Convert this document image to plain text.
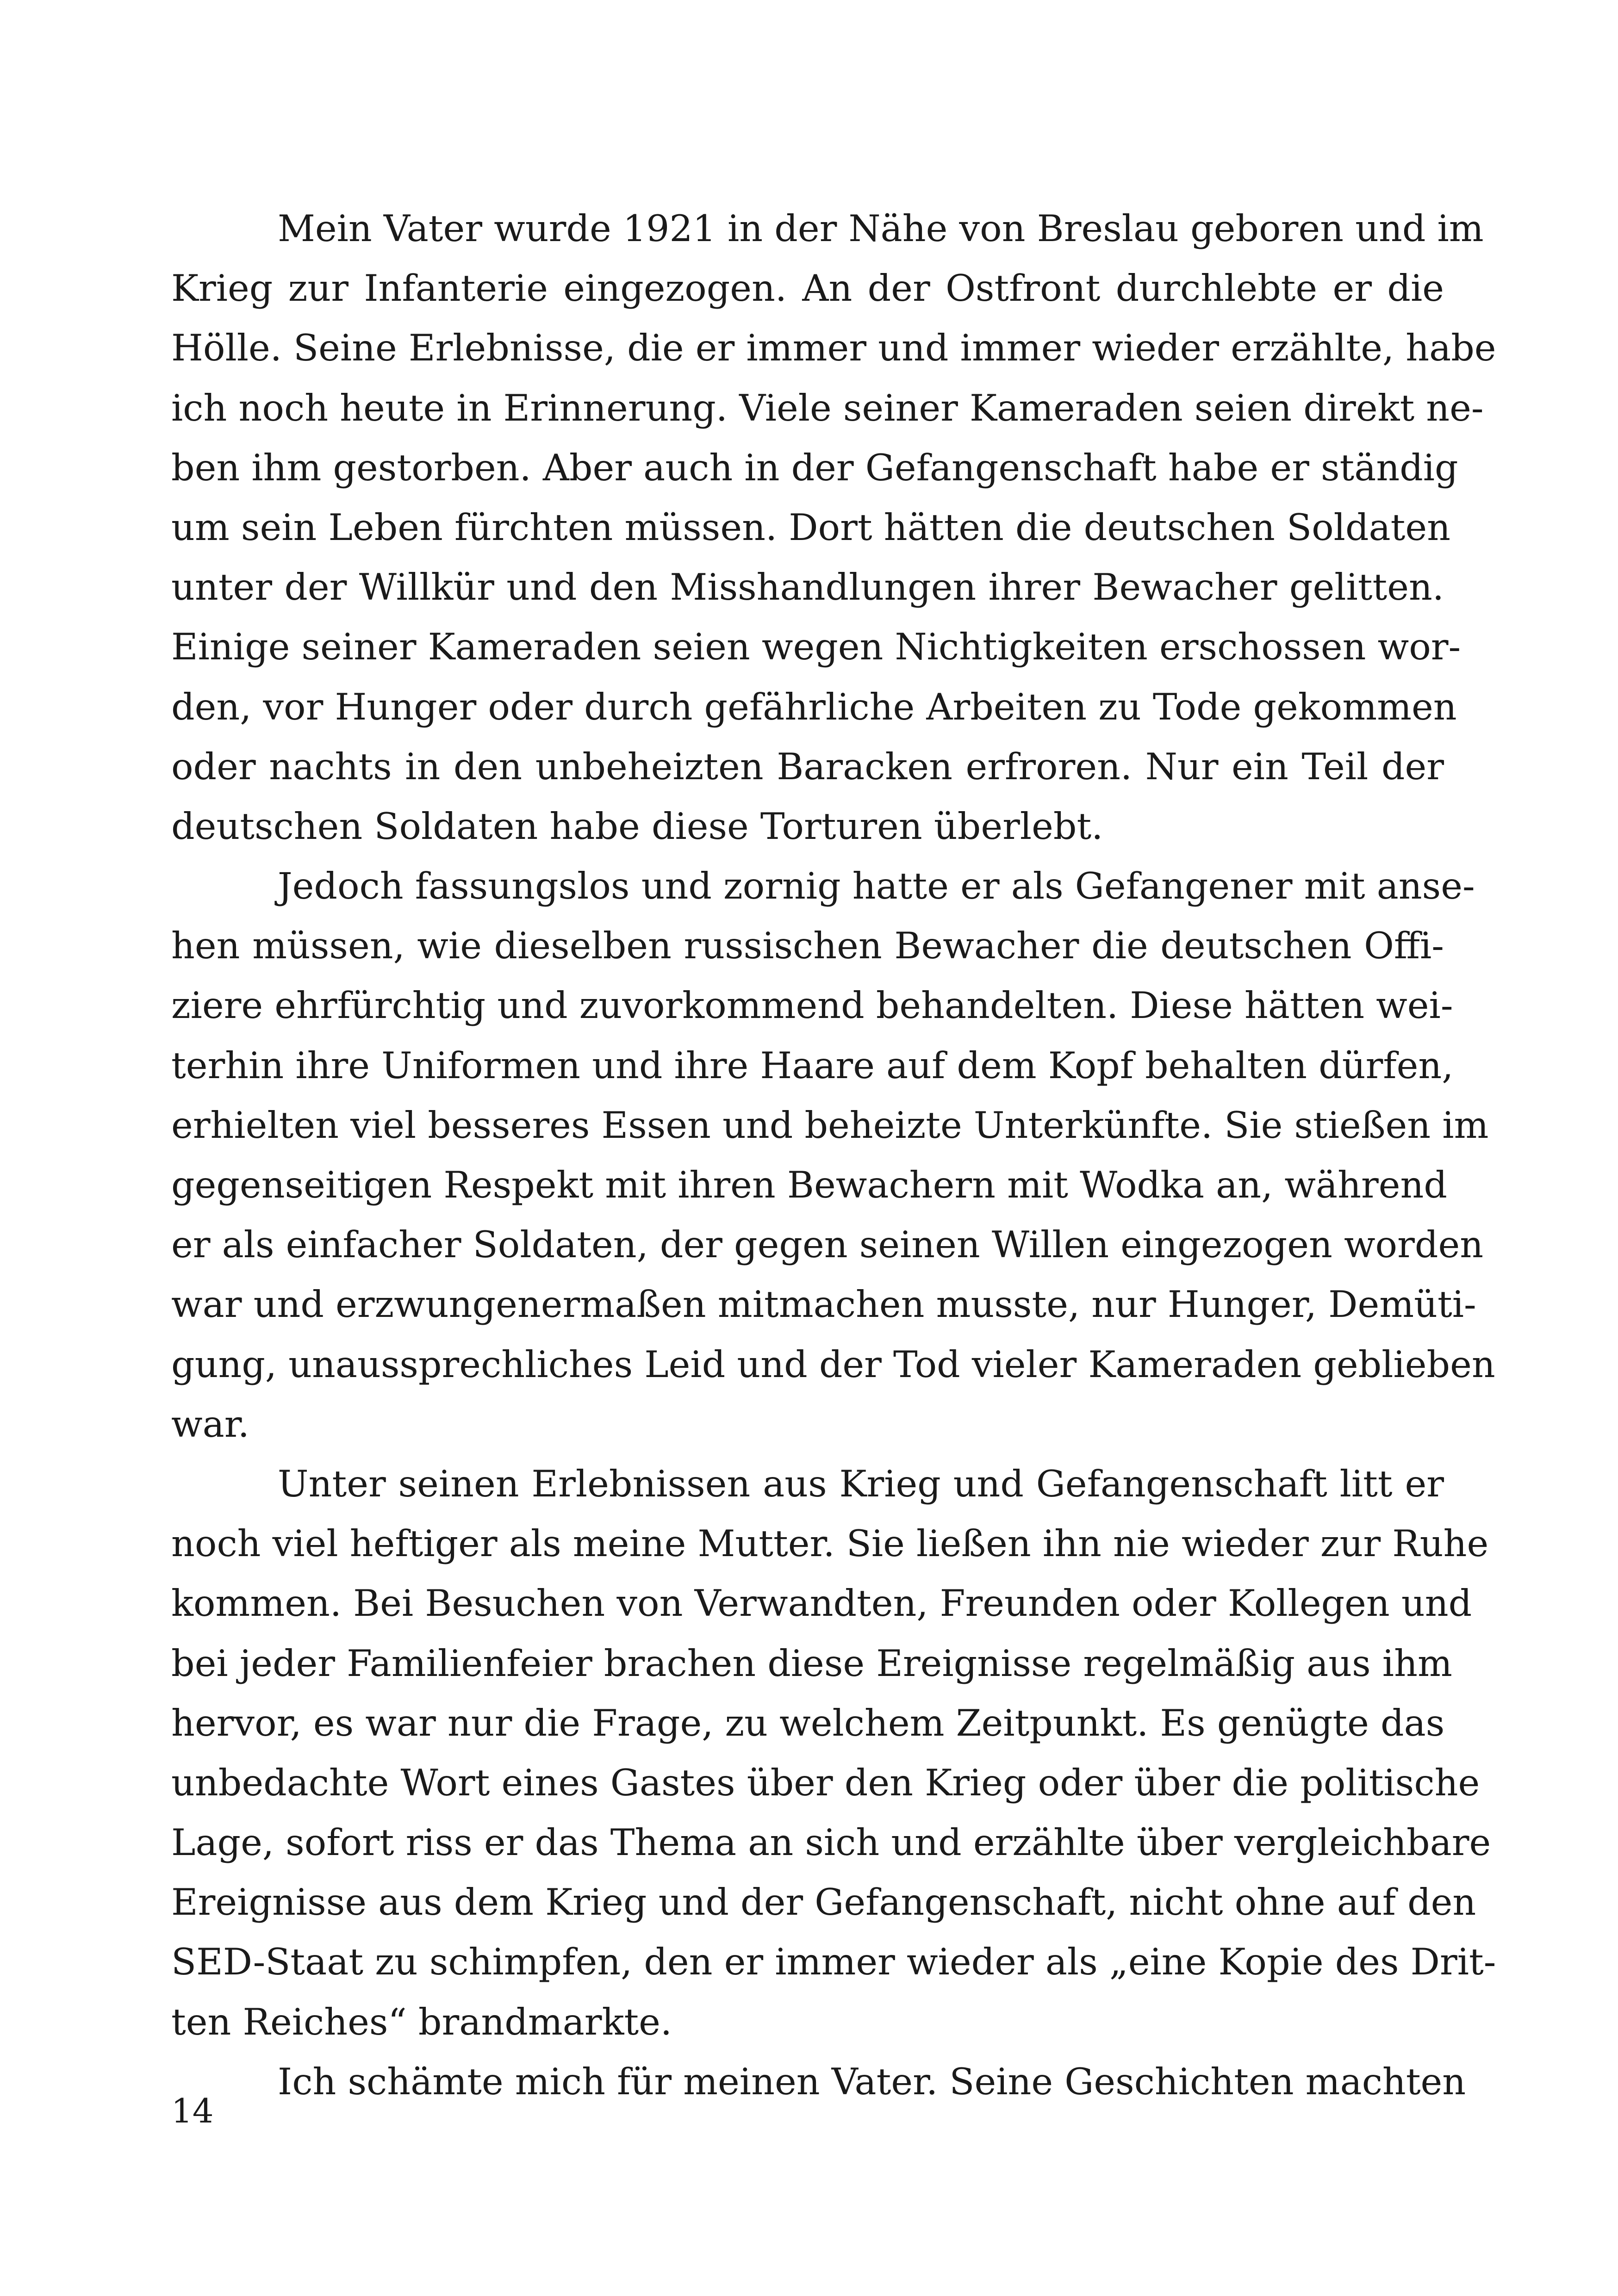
Mein Vater wurde 1921 in der Nähe von Breslau geboren und im
Krieg zur Infanterie eingezogen. An der Ostfront durchlebte er die
Hölle. Seine Erlebnisse, die er immer und immer wieder erzählte, habe
ich noch heute in Erinnerung. Viele seiner Kameraden seien direkt ne-
ben ihm gestorben. Aber auch in der Gefangenschaft habe er ständig
um sein Leben fürchten müssen. Dort hätten die deutschen Soldaten
unter der Willkür und den Misshandlungen ihrer Bewacher gelitten.
Einige seiner Kameraden seien wegen Nichtigkeiten erschossen wor-
den, vor Hunger oder durch gefährliche Arbeiten zu Tode gekommen
oder nachts in den unbeheizten Baracken erfroren. Nur ein Teil der
deutschen Soldaten habe diese Torturen überlebt.
Jedoch fassungslos und zornig hatte er als Gefangener mit anse-
hen müssen, wie dieselben russischen Bewacher die deutschen Offi-
ziere ehrfürchtig und zuvorkommend behandelten. Diese hätten wei-
terhin ihre Uniformen und ihre Haare auf dem Kopf behalten dürfen,
erhielten viel besseres Essen und beheizte Unterkünfte. Sie stießen im
gegenseitigen Respekt mit ihren Bewachern mit Wodka an, während
er als einfacher Soldaten, der gegen seinen Willen eingezogen worden
war und erzwungenermaßen mitmachen musste, nur Hunger, Demüti-
gung, unaussprechliches Leid und der Tod vieler Kameraden geblieben
war.
Unter seinen Erlebnissen aus Krieg und Gefangenschaft litt er
noch viel heftiger als meine Mutter. Sie ließen ihn nie wieder zur Ruhe
kommen. Bei Besuchen von Verwandten, Freunden oder Kollegen und
bei jeder Familienfeier brachen diese Ereignisse regelmäßig aus ihm
hervor, es war nur die Frage, zu welchem Zeitpunkt. Es genügte das
unbedachte Wort eines Gastes über den Krieg oder über die politische
Lage, sofort riss er das Thema an sich und erzählte über vergleichbare
Ereignisse aus dem Krieg und der Gefangenschaft, nicht ohne auf den
SED-Staat zu schimpfen, den er immer wieder als „eine Kopie des Drit-
ten Reiches“ brandmarkte.
Ich schämte mich für meinen Vater. Seine Geschichten machten
14
